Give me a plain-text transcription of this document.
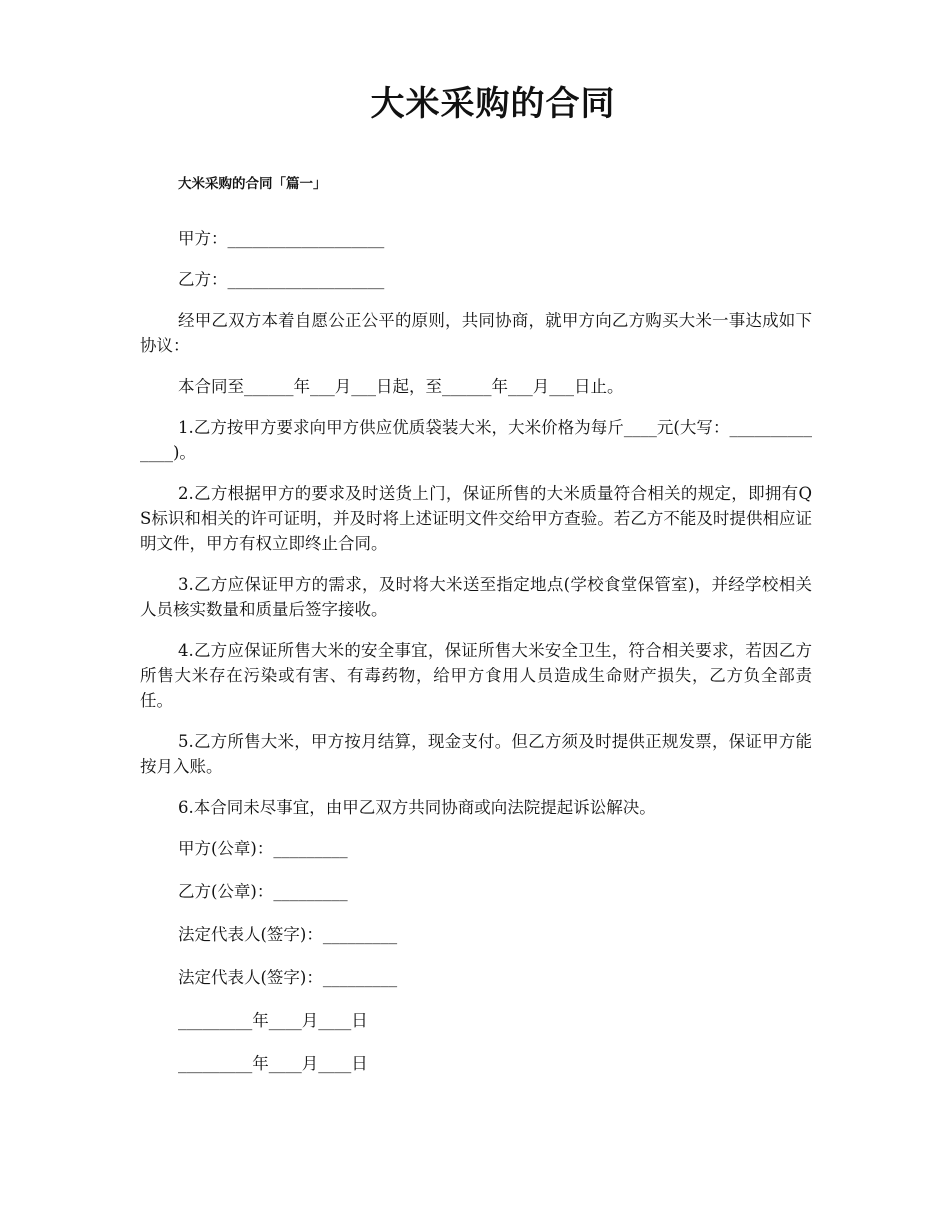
大米采购的合同
大米采购的合同「篇一」

甲方：___________________

乙方：___________________

经甲乙双方本着自愿公正公平的原则，共同协商，就甲方向乙方购买大米一事达成如下协议：

本合同至______年___月___日起，至______年___月___日止。

1.乙方按甲方要求向甲方供应优质袋装大米，大米价格为每斤____元(大写：______________)。

2.乙方根据甲方的要求及时送货上门，保证所售的大米质量符合相关的规定，即拥有QS标识和相关的许可证明，并及时将上述证明文件交给甲方查验。若乙方不能及时提供相应证明文件，甲方有权立即终止合同。

3.乙方应保证甲方的需求，及时将大米送至指定地点(学校食堂保管室)，并经学校相关人员核实数量和质量后签字接收。

4.乙方应保证所售大米的安全事宜，保证所售大米安全卫生，符合相关要求，若因乙方所售大米存在污染或有害、有毒药物，给甲方食用人员造成生命财产损失，乙方负全部责任。

5.乙方所售大米，甲方按月结算，现金支付。但乙方须及时提供正规发票，保证甲方能按月入账。

6.本合同未尽事宜，由甲乙双方共同协商或向法院提起诉讼解决。

甲方(公章)：_________

乙方(公章)：_________

法定代表人(签字)：_________

法定代表人(签字)：_________

_________年____月____日

_________年____月____日
